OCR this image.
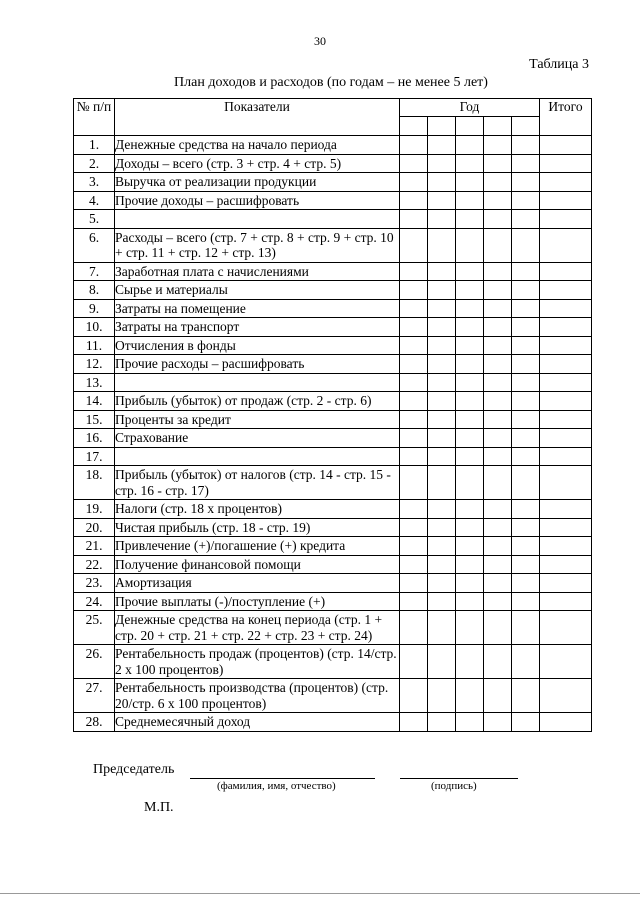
30
Таблица 3
План доходов и расходов (по годам – не менее 5 лет)
№ п/п	Показатели	Год					Итого

1.	Денежные средства на начало периода						
2.	Доходы – всего (стр. 3 + стр. 4 + стр. 5)						
3.	Выручка от реализации продукции						
4.	Прочие доходы – расшифровать						
5.							
6.	Расходы – всего (стр. 7 + стр. 8 + стр. 9 + стр. 10 + стр. 11 + стр. 12 + стр. 13)						
7.	Заработная плата с начислениями						
8.	Сырье и материалы						
9.	Затраты на помещение						
10.	Затраты на транспорт						
11.	Отчисления в фонды						
12.	Прочие расходы – расшифровать						
13.							
14.	Прибыль (убыток) от продаж (стр. 2 - стр. 6)						
15.	Проценты за кредит						
16.	Страхование						
17.							
18.	Прибыль (убыток) от налогов (стр. 14 - стр. 15 - стр. 16 - стр. 17)						
19.	Налоги (стр. 18 x процентов)						
20.	Чистая прибыль (стр. 18 - стр. 19)						
21.	Привлечение (+)/погашение (+) кредита						
22.	Получение финансовой помощи						
23.	Амортизация						
24.	Прочие выплаты (-)/поступление (+)						
25.	Денежные средства на конец периода (стр. 1 + стр. 20 + стр. 21 + стр. 22 + стр. 23 + стр. 24)						
26.	Рентабельность продаж (процентов) (стр. 14/стр. 2 x 100 процентов)						
27.	Рентабельность производства (процентов) (стр. 20/стр. 6 x 100 процентов)						
28.	Среднемесячный доход						
Председатель
(фамилия, имя, отчество)	(подпись)
М.П.
